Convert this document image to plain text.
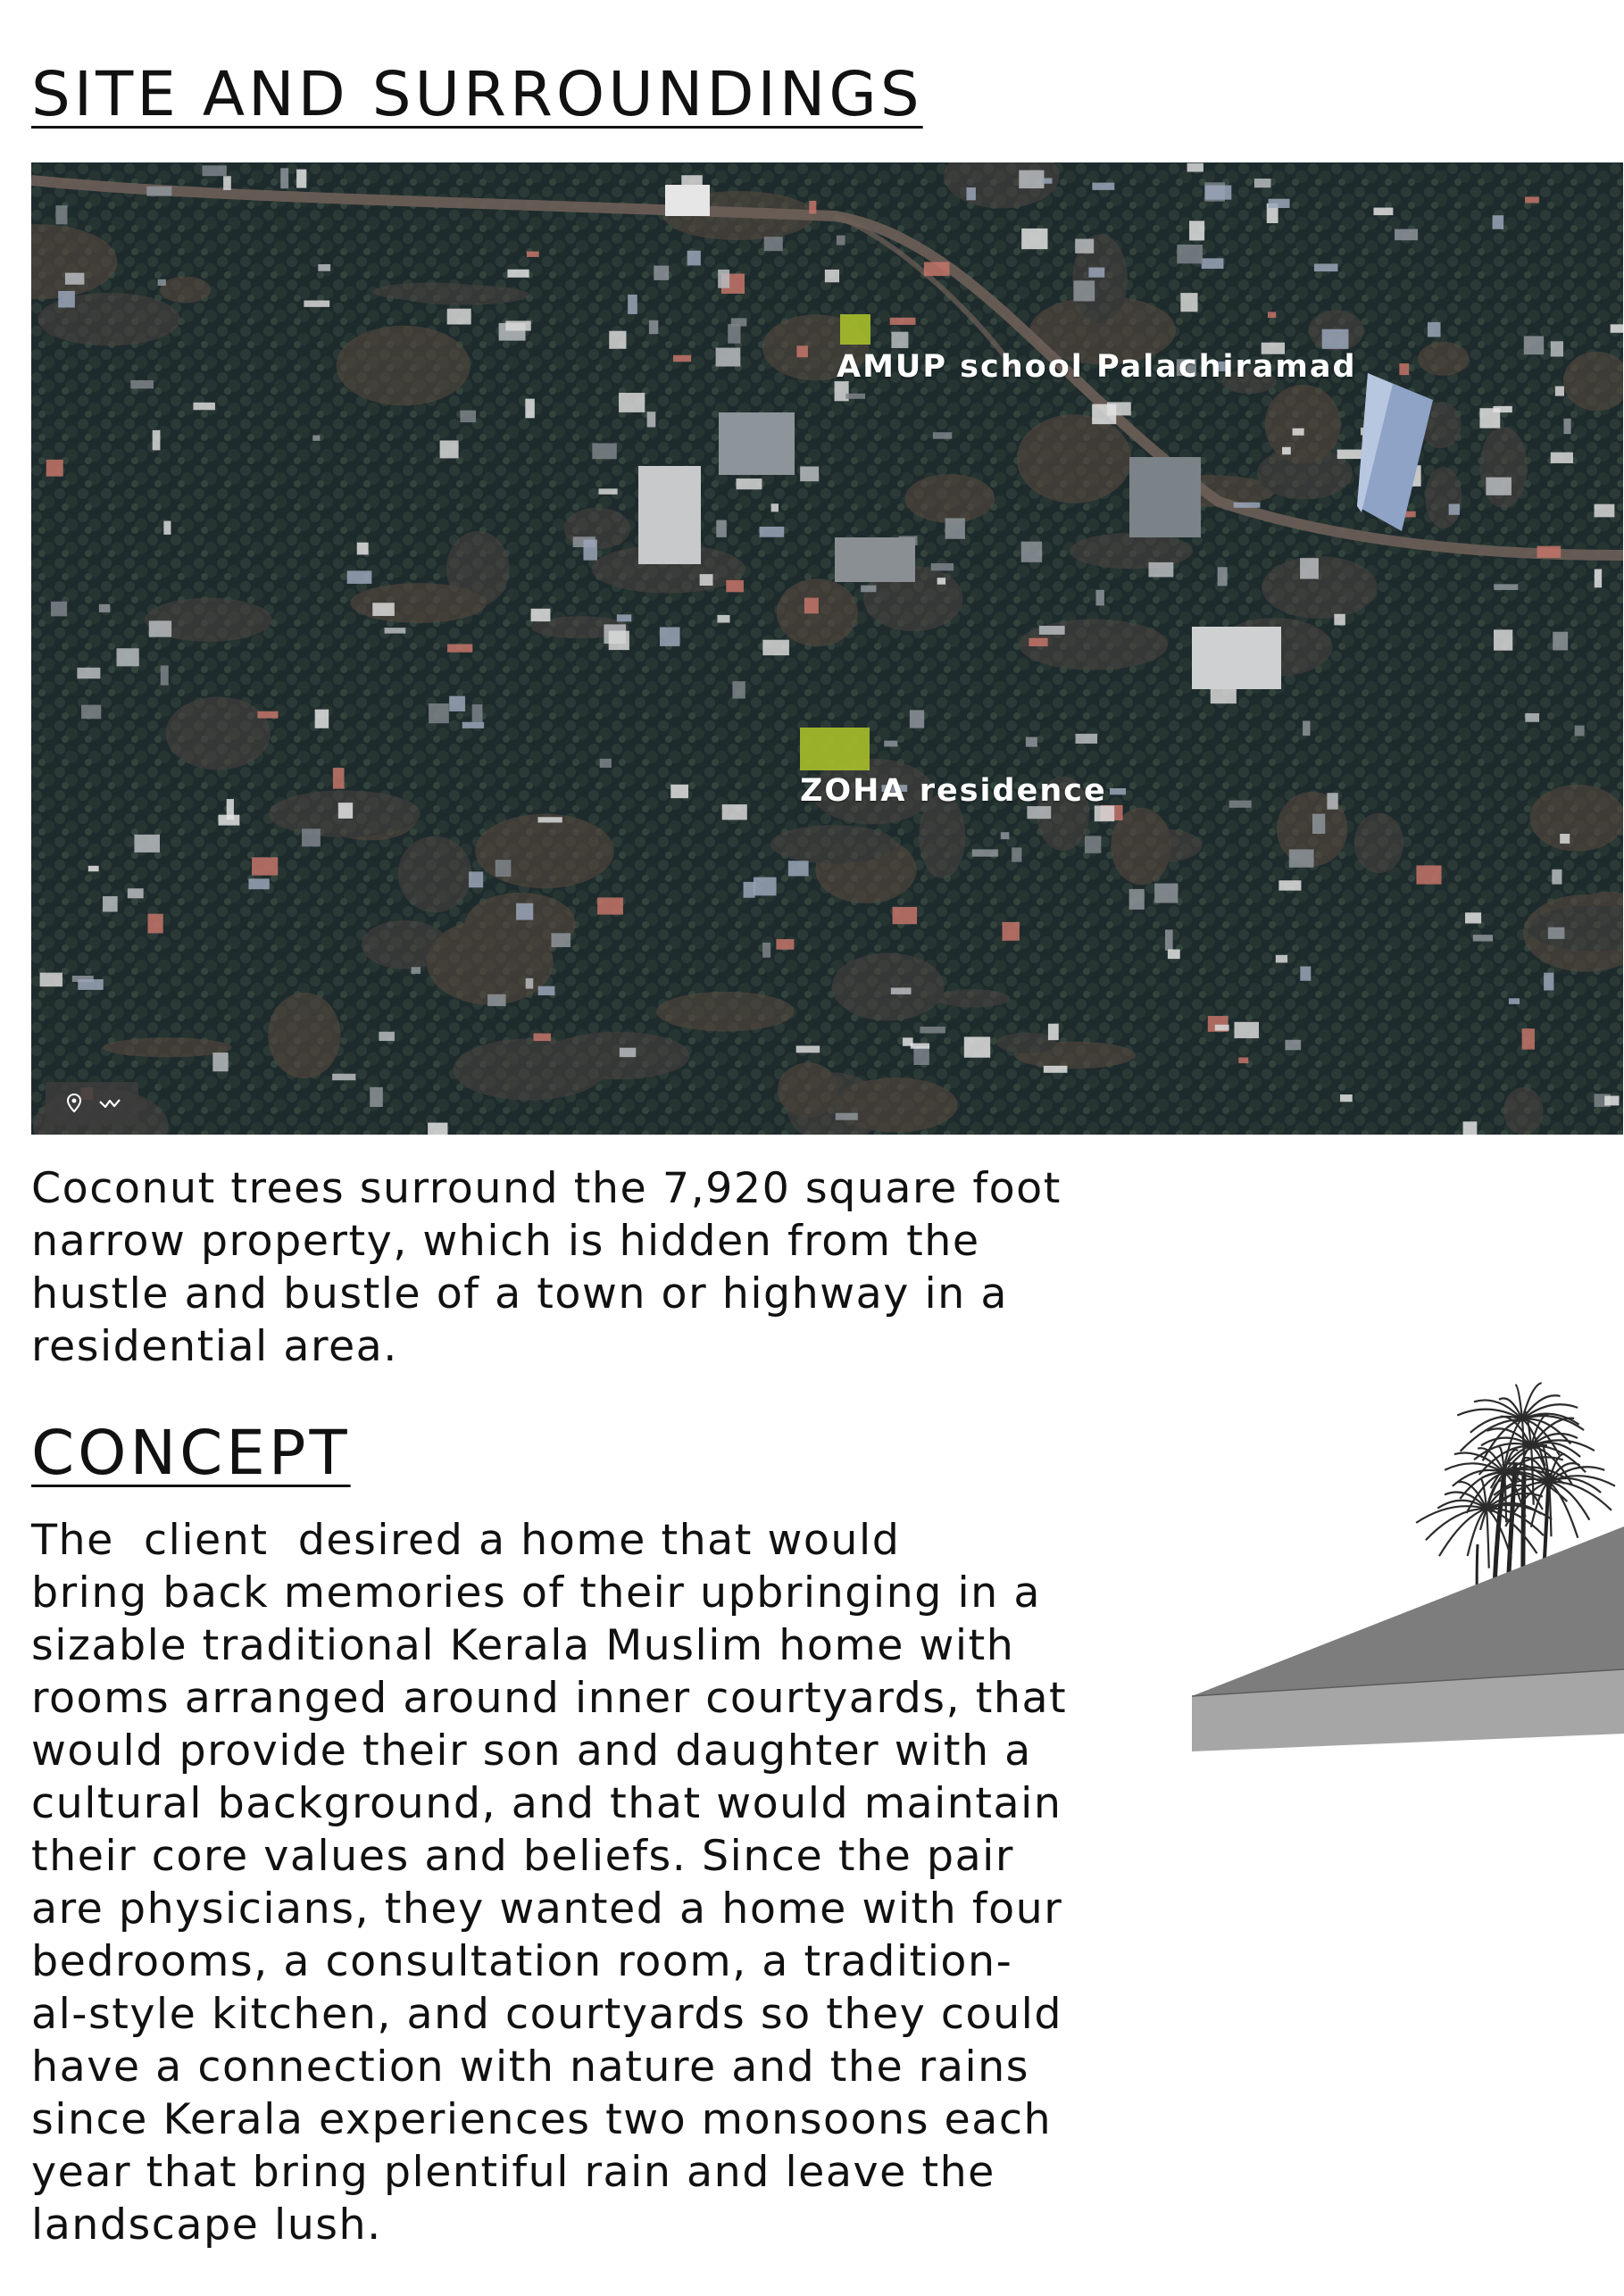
SITE AND SURROUNDINGS
AMUP school Palachiramad
ZOHA residence
Coconut trees surround the 7,920 square foot
narrow property, which is hidden from the
hustle and bustle of a town or highway in a
residential area.
CONCEPT
The  client  desired a home that would
bring back memories of their upbringing in a
sizable traditional Kerala Muslim home with
rooms arranged around inner courtyards, that
would provide their son and daughter with a
cultural background, and that would maintain
their core values and beliefs. Since the pair
are physicians, they wanted a home with four
bedrooms, a consultation room, a tradition-
al-style kitchen, and courtyards so they could
have a connection with nature and the rains
since Kerala experiences two monsoons each
year that bring plentiful rain and leave the
landscape lush.
